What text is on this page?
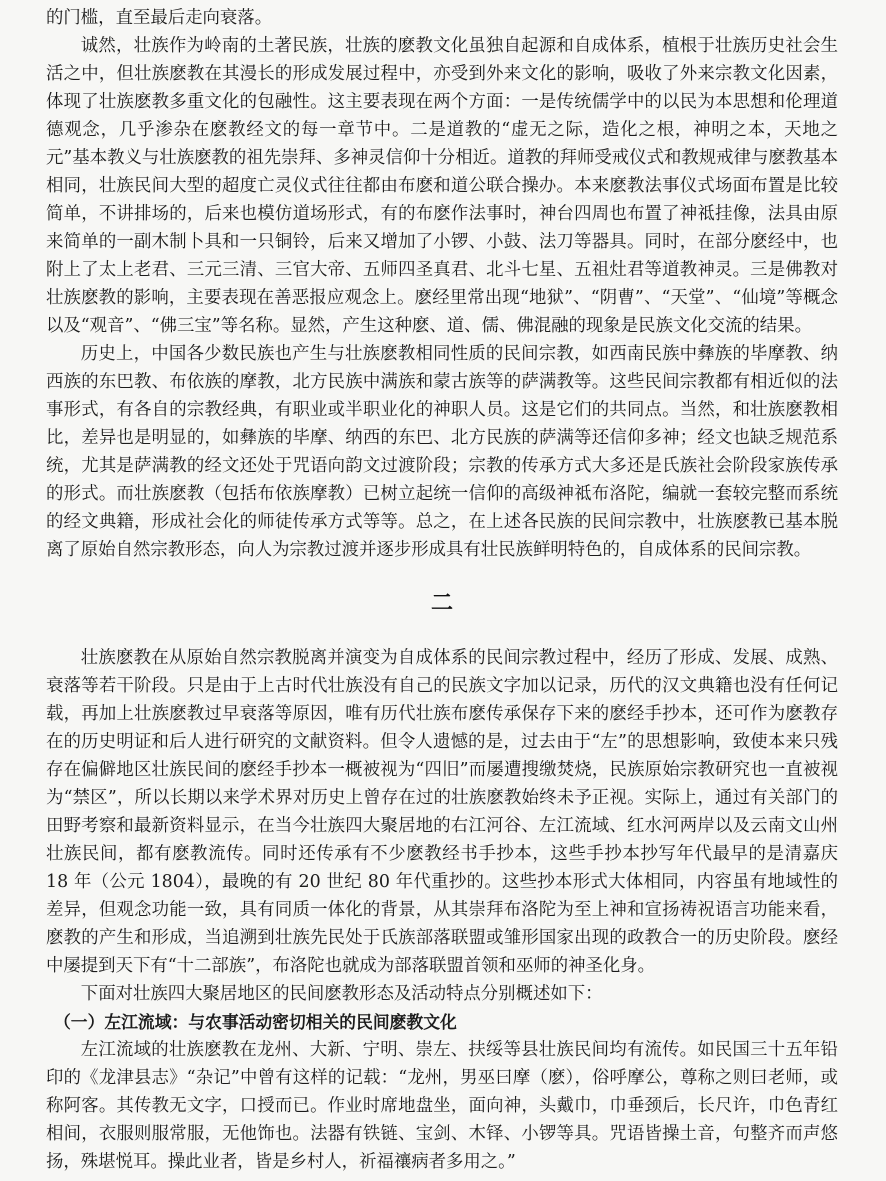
的门槛，直至最后走向衰落。

诚然，壮族作为岭南的土著民族，壮族的麽教文化虽独自起源和自成体系，植根于壮族历史社会生活之中，但壮族麽教在其漫长的形成发展过程中，亦受到外来文化的影响，吸收了外来宗教文化因素，体现了壮族麽教多重文化的包融性。这主要表现在两个方面：一是传统儒学中的以民为本思想和伦理道德观念，几乎渗杂在麽教经文的每一章节中。二是道教的“虚无之际，造化之根，神明之本，天地之元”基本教义与壮族麽教的祖先崇拜、多神灵信仰十分相近。道教的拜师受戒仪式和教规戒律与麽教基本相同，壮族民间大型的超度亡灵仪式往往都由布麽和道公联合操办。本来麽教法事仪式场面布置是比较简单，不讲排场的，后来也模仿道场形式，有的布麽作法事时，神台四周也布置了神祗挂像，法具由原来简单的一副木制卜具和一只铜铃，后来又增加了小锣、小鼓、法刀等器具。同时，在部分麽经中，也附上了太上老君、三元三清、三官大帝、五师四圣真君、北斗七星、五祖灶君等道教神灵。三是佛教对壮族麽教的影响，主要表现在善恶报应观念上。麽经里常出现“地狱”、“阴曹”、“天堂”、“仙境”等概念以及“观音”、“佛三宝”等名称。显然，产生这种麽、道、儒、佛混融的现象是民族文化交流的结果。

历史上，中国各少数民族也产生与壮族麽教相同性质的民间宗教，如西南民族中彝族的毕摩教、纳西族的东巴教、布依族的摩教，北方民族中满族和蒙古族等的萨满教等。这些民间宗教都有相近似的法事形式，有各自的宗教经典，有职业或半职业化的神职人员。这是它们的共同点。当然，和壮族麽教相比，差异也是明显的，如彝族的毕摩、纳西的东巴、北方民族的萨满等还信仰多神；经文也缺乏规范系统，尤其是萨满教的经文还处于咒语向韵文过渡阶段；宗教的传承方式大多还是氏族社会阶段家族传承的形式。而壮族麽教（包括布依族摩教）已树立起统一信仰的高级神祗布洛陀，编就一套较完整而系统的经文典籍，形成社会化的师徒传承方式等等。总之，在上述各民族的民间宗教中，壮族麽教已基本脱离了原始自然宗教形态，向人为宗教过渡并逐步形成具有壮民族鲜明特色的，自成体系的民间宗教。

二

壮族麽教在从原始自然宗教脱离并演变为自成体系的民间宗教过程中，经历了形成、发展、成熟、衰落等若干阶段。只是由于上古时代壮族没有自己的民族文字加以记录，历代的汉文典籍也没有任何记载，再加上壮族麽教过早衰落等原因，唯有历代壮族布麽传承保存下来的麽经手抄本，还可作为麽教存在的历史明证和后人进行研究的文献资料。但令人遗憾的是，过去由于“左”的思想影响，致使本来只残存在偏僻地区壮族民间的麽经手抄本一概被视为“四旧”而屡遭搜缴焚烧，民族原始宗教研究也一直被视为“禁区”，所以长期以来学术界对历史上曾存在过的壮族麽教始终未予正视。实际上，通过有关部门的田野考察和最新资料显示，在当今壮族四大聚居地的右江河谷、左江流域、红水河两岸以及云南文山州壮族民间，都有麽教流传。同时还传承有不少麽教经书手抄本，这些手抄本抄写年代最早的是清嘉庆 18 年（公元 1804），最晚的有 20 世纪 80 年代重抄的。这些抄本形式大体相同，内容虽有地域性的差异，但观念功能一致，具有同质一体化的背景，从其崇拜布洛陀为至上神和宣扬祷祝语言功能来看，麽教的产生和形成，当追溯到壮族先民处于氏族部落联盟或雏形国家出现的政教合一的历史阶段。麽经中屡提到天下有“十二部族”，布洛陀也就成为部落联盟首领和巫师的神圣化身。

下面对壮族四大聚居地区的民间麽教形态及活动特点分别概述如下：

（一）左江流域：与农事活动密切相关的民间麽教文化

左江流域的壮族麽教在龙州、大新、宁明、崇左、扶绥等县壮族民间均有流传。如民国三十五年铅印的《龙津县志》“杂记”中曾有这样的记载：“龙州，男巫曰摩（麽），俗呼摩公，尊称之则曰老师，或称阿客。其传教无文字，口授而已。作业时席地盘坐，面向神，头戴巾，巾垂颈后，长尺许，巾色青红相间，衣服则服常服，无他饰也。法器有铁链、宝剑、木铎、小锣等具。咒语皆操土音，句整齐而声悠扬，殊堪悦耳。操此业者，皆是乡村人，祈福禳病者多用之。”
